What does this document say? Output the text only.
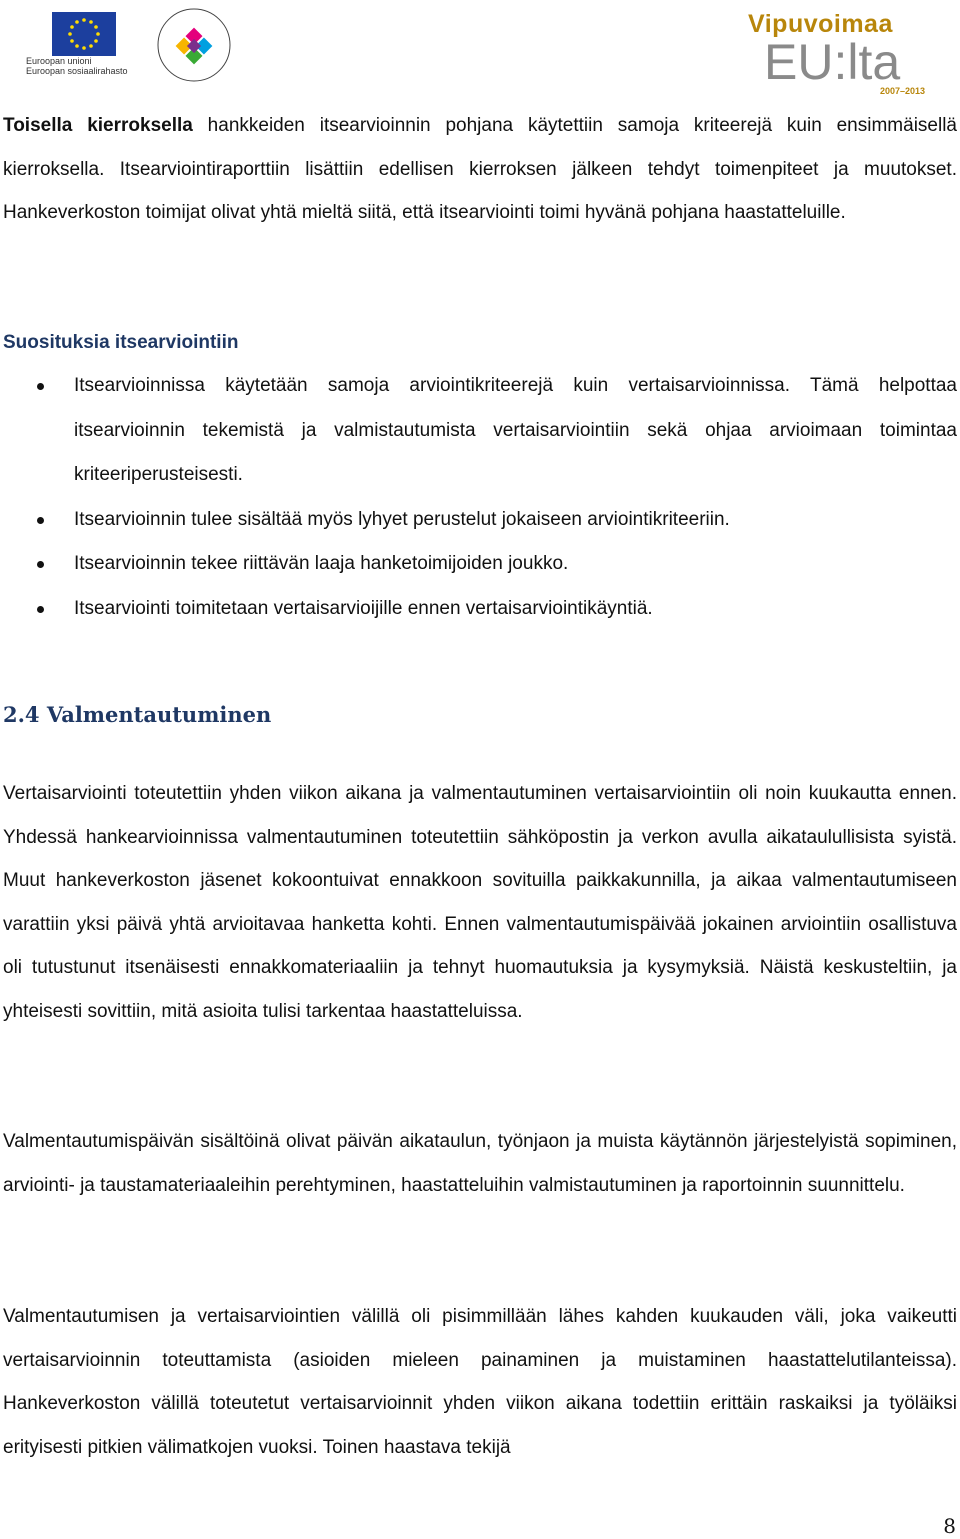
Euroopan unioni
Euroopan sosiaalirahasto
Vipuvoimaa
EU:lta
2007–2013

Toisella kierroksella hankkeiden itsearvioinnin pohjana käytettiin samoja kriteerejä kuin ensimmäisellä kierroksella. Itsearviointiraporttiin lisättiin edellisen kierroksen jälkeen tehdyt toimenpiteet ja muutokset. Hankeverkoston toimijat olivat yhtä mieltä siitä, että itsearviointi toimi hyvänä pohjana haastatteluille.

Suosituksia itsearviointiin

Itsearvioinnissa käytetään samoja arviointikriteerejä kuin vertaisarvioinnissa. Tämä helpottaa itsearvioinnin tekemistä ja valmistautumista vertaisarviointiin sekä ohjaa arvioimaan toimintaa kriteeriperusteisesti.
Itsearvioinnin tulee sisältää myös lyhyet perustelut jokaiseen arviointikriteeriin.
Itsearvioinnin tekee riittävän laaja hanketoimijoiden joukko.
Itsearviointi toimitetaan vertaisarvioijille ennen vertaisarviointikäyntiä.
2.4 Valmentautuminen

Vertaisarviointi toteutettiin yhden viikon aikana ja valmentautuminen vertaisarviointiin oli noin kuukautta ennen. Yhdessä hankearvioinnissa valmentautuminen toteutettiin sähköpostin ja verkon avulla aikataulullisista syistä. Muut hankeverkoston jäsenet kokoontuivat ennakkoon sovituilla paikkakunnilla, ja aikaa valmentautumiseen varattiin yksi päivä yhtä arvioitavaa hanketta kohti. Ennen valmentautumispäivää jokainen arviointiin osallistuva oli tutustunut itsenäisesti ennakkomateriaaliin ja tehnyt huomautuksia ja kysymyksiä. Näistä keskusteltiin, ja yhteisesti sovittiin, mitä asioita tulisi tarkentaa haastatteluissa.

Valmentautumispäivän sisältöinä olivat päivän aikataulun, työnjaon ja muista käytännön järjestelyistä sopiminen, arviointi- ja taustamateriaaleihin perehtyminen, haastatteluihin valmistautuminen ja raportoinnin suunnittelu.

Valmentautumisen ja vertaisarviointien välillä oli pisimmillään lähes kahden kuukauden väli, joka vaikeutti vertaisarvioinnin toteuttamista (asioiden mieleen painaminen ja muistaminen haastattelutilanteissa). Hankeverkoston välillä toteutetut vertaisarvioinnit yhden viikon aikana todettiin erittäin raskaiksi ja työläiksi erityisesti pitkien välimatkojen vuoksi. Toinen haastava tekijä

8
